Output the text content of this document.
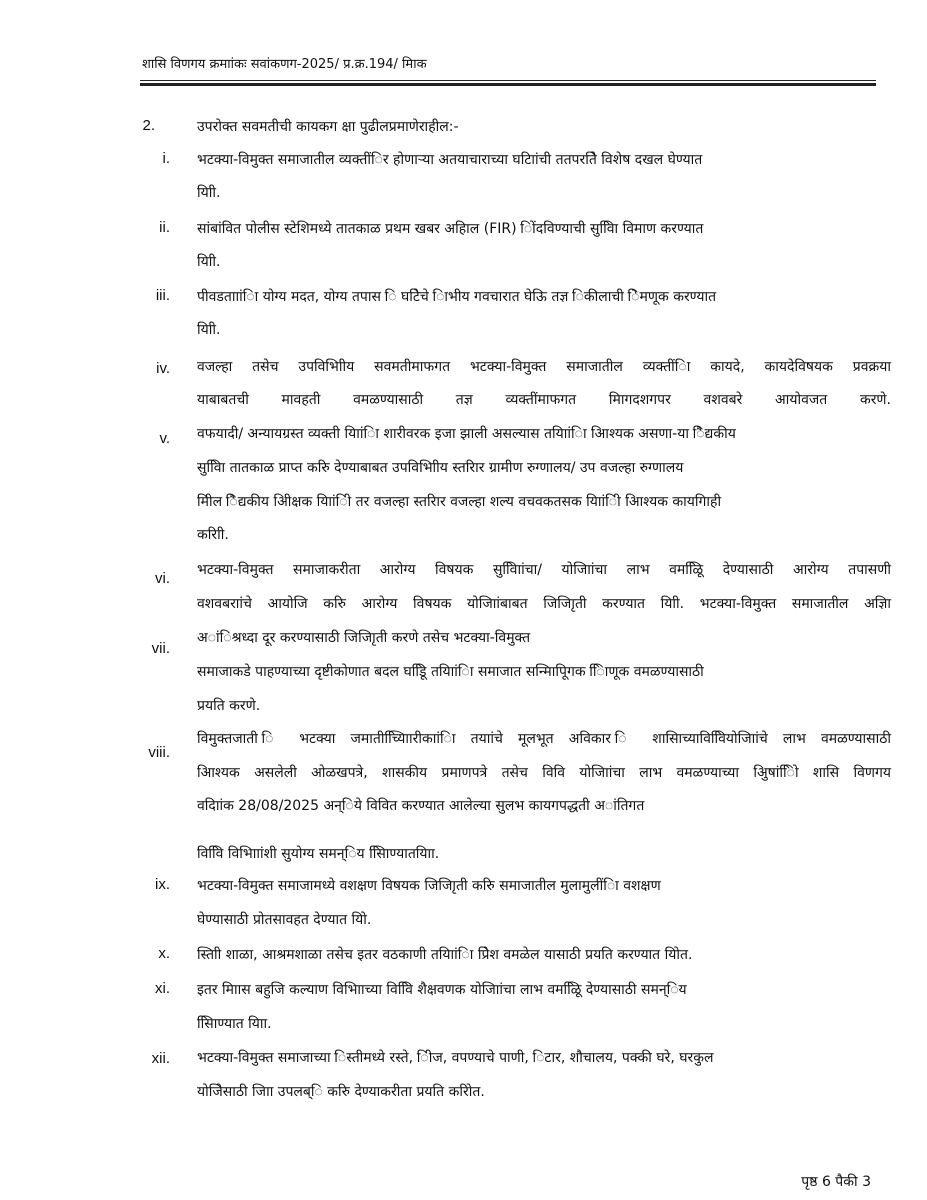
शासि विणगय क्रमाांकः सवांकणग-2025/ प्र.क्र.194/ मिाक
2.	उपरोक्त सवमतीची कायकग क्षा पुढीलप्रमाणेराहील:-
i. भटक्या-विमुक्त समाजातील व्यक्तींिर होणाऱ्या अतयाचाराच्या घटिाांची ततपरतेिे विशेष दखल घेण्यात
यािी.
ii. सांबांवित पोलीस स्टेशिमध्ये तातकाळ प्रथम खबर अहिाल (FIR) िोंदविण्याची सुवििा विमाण करण्यात
यािी.
iii. पीवडतााांिा योग्य मदत, योग्य तपास ि घटिेचे िाभीय गवचारात घेऊि तज्ञ िकीलाची िेमणूक करण्यात
यािी.
iv. वजल्हा तसेच उपविभािीय सवमतीमाफगत भटक्या-विमुक्त समाजातील व्यक्तींिा कायदे, कायदेविषयक प्रवक्रया
याबाबतची मावहती वमळण्यासाठी तज्ञ व्यक्तींमाफगत मािगदशगपर वशवबरे आयोवजत करणे.
v. वफयादी/ अन्यायग्रस्त व्यक्ती यािांिा शारीवरक इजा झाली असल्यास तयािांिा आिश्यक असणा-या िैद्यकीय
सुवििा तातकाळ प्राप्त करुि देण्याबाबत उपविभािीय स्तरािर ग्रामीण रुग्णालय/ उप वजल्हा रुग्णालय
मिील िैद्यकीय अिीक्षक यािांिी तर वजल्हा स्तरािर वजल्हा शल्य वचवकतसक यािांिी आिश्यक कायगिाही
करािी.
vi. भटक्या-विमुक्त समाजाकरीता आरोग्य विषयक सुवििाांचा/ योजिाांचा लाभ वमळिूि देण्यासाठी आरोग्य तपासणी
वशवबराांचे आयोजि करुि आरोग्य विषयक योजिाांबाबत जिजािृती करण्यात यािी. भटक्या-विमुक्त समाजातील अज्ञाि
vii.
अांिश्रध्दा दूर करण्यासाठी जिजािृती करणे तसेच भटक्या-विमुक्त
समाजाकडे पाहण्याच्या दृष्टीकोणात बदल घडिूि तयािांिा समाजात सन्मािपूिगक िािणूक वमळण्यासाठी
प्रयति करणे.
viii.
विमुक्तजाती ि भटक्या जमातीच्यािािरीकाांिा तयाांचे मूलभूत अविकार ि शासिाच्याविविियोजिाांचे लाभ वमळण्यासाठी
आिश्यक असलेली ओळखपत्रे, शासकीय प्रमाणपत्रे तसेच विवि योजिाांचा लाभ वमळण्याच्या अिुषांिािे शासि विणगय
वदिाांक 28/08/2025 अन्िये विवित करण्यात आलेल्या सुलभ कायगपद्धती अांतिगत
विविि विभािाांशी सुयोग्य समन्िय साििण्यातयािा.
ix. भटक्या-विमुक्त समाजामध्ये वशक्षण विषयक जिजािृती करुि समाजातील मुलामुलींिा वशक्षण
घेण्यासाठी प्रोतसावहत देण्यात यािे.
x. स्तािी शाळा, आश्रमशाळा तसेच इतर वठकाणी तयािांिा प्रिेश वमळेल यासाठी प्रयति करण्यात यािेत.
xi. इतर मािास बहुजि कल्याण विभािाच्या विविि शैक्षवणक योजिाांचा लाभ वमळिूि देण्यासाठी समन्िय
साििण्यात यािा.
xii. भटक्या-विमुक्त समाजाच्या िस्तीमध्ये रस्ते, िीज, वपण्याचे पाणी, िटार, शौचालय, पक्की घरे, घरकुल
योजिेसाठी जािा उपलब्ि करुि देण्याकरीता प्रयति करािेत.
पृष्ठ 6 पैकी 3
